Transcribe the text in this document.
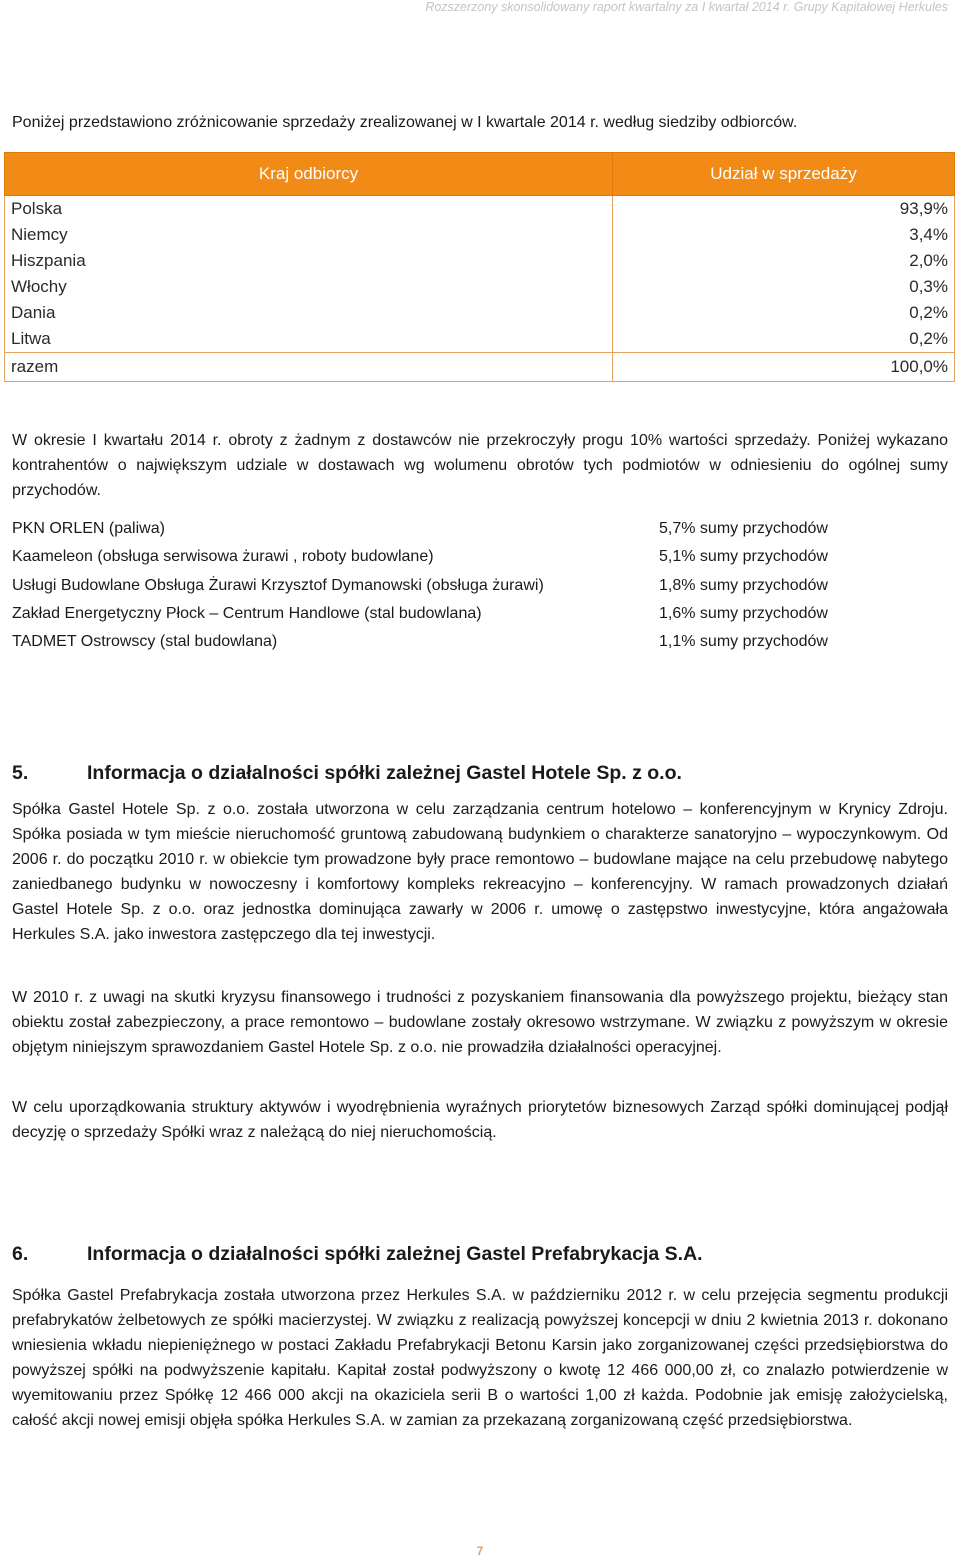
Rozszerzony skonsolidowany raport kwartalny za I kwartał 2014 r. Grupy Kapitałowej Herkules
Poniżej przedstawiono zróżnicowanie sprzedaży zrealizowanej w I kwartale 2014 r. według siedziby odbiorców.
Kraj odbiorcy	Udział w sprzedaży
Polska	93,9%
Niemcy	3,4%
Hiszpania	2,0%
Włochy	0,3%
Dania	0,2%
Litwa	0,2%
razem	100,0%
W okresie I kwartału 2014 r. obroty z żadnym z dostawców nie przekroczyły progu 10% wartości sprzedaży. Poniżej wykazano kontrahentów o największym udziale w dostawach wg wolumenu obrotów tych podmiotów w odniesieniu do ogólnej sumy przychodów.
PKN ORLEN (paliwa)	5,7% sumy przychodów
Kaameleon (obsługa serwisowa żurawi , roboty budowlane)	5,1% sumy przychodów
Usługi Budowlane Obsługa Żurawi Krzysztof Dymanowski (obsługa żurawi)	1,8% sumy przychodów
Zakład Energetyczny Płock – Centrum Handlowe (stal budowlana)	1,6% sumy przychodów
TADMET Ostrowscy (stal budowlana)	1,1% sumy przychodów
5.	Informacja o działalności spółki zależnej Gastel Hotele Sp. z o.o.
Spółka Gastel Hotele Sp. z o.o. została utworzona w celu zarządzania centrum hotelowo – konferencyjnym w Krynicy Zdroju. Spółka posiada w tym mieście nieruchomość gruntową zabudowaną budynkiem o charakterze sanatoryjno – wypoczynkowym. Od 2006 r. do początku 2010 r. w obiekcie tym prowadzone były prace remontowo – budowlane mające na celu przebudowę nabytego zaniedbanego budynku w nowoczesny i komfortowy kompleks rekreacyjno – konferencyjny. W ramach prowadzonych działań Gastel Hotele Sp. z o.o. oraz jednostka dominująca zawarły w 2006 r. umowę o zastępstwo inwestycyjne, która angażowała Herkules S.A. jako inwestora zastępczego dla tej inwestycji.
W 2010 r. z uwagi na skutki kryzysu finansowego i trudności z pozyskaniem finansowania dla powyższego projektu, bieżący stan obiektu został zabezpieczony, a prace remontowo – budowlane zostały okresowo wstrzymane. W związku z powyższym w okresie objętym niniejszym sprawozdaniem Gastel Hotele Sp. z o.o. nie prowadziła działalności operacyjnej.
W celu uporządkowania struktury aktywów i wyodrębnienia wyraźnych priorytetów biznesowych Zarząd spółki dominującej podjął decyzję o sprzedaży Spółki wraz z należącą do niej nieruchomością.
6.	Informacja o działalności spółki zależnej Gastel Prefabrykacja S.A.
Spółka Gastel Prefabrykacja została utworzona przez Herkules S.A. w październiku 2012 r. w celu przejęcia segmentu produkcji prefabrykatów żelbetowych ze spółki macierzystej. W związku z realizacją powyższej koncepcji w dniu 2 kwietnia 2013 r. dokonano wniesienia wkładu niepieniężnego w postaci Zakładu Prefabrykacji Betonu Karsin jako zorganizowanej części przedsiębiorstwa do powyższej spółki na podwyższenie kapitału. Kapitał został podwyższony o kwotę 12 466 000,00 zł, co znalazło potwierdzenie w wyemitowaniu przez Spółkę 12 466 000 akcji na okaziciela serii B o wartości 1,00 zł każda. Podobnie jak emisję założycielską, całość akcji nowej emisji objęła spółka Herkules S.A. w zamian za przekazaną zorganizowaną część przedsiębiorstwa.
7
